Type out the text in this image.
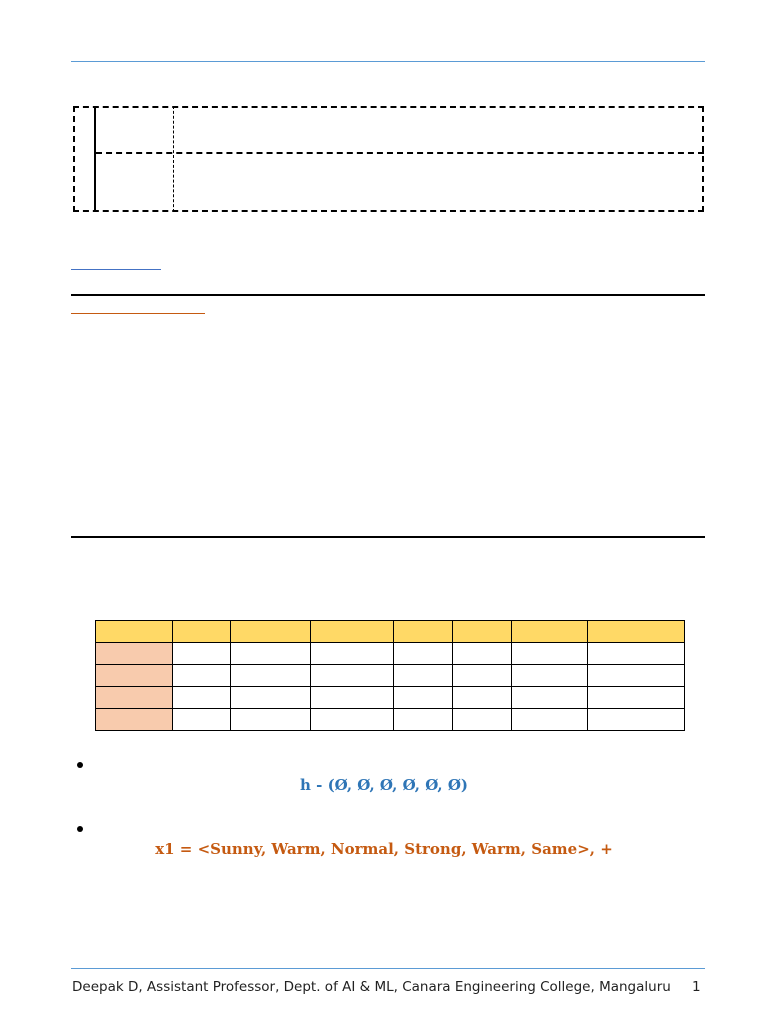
h - (Ø, Ø, Ø, Ø, Ø, Ø)
x1 = <Sunny, Warm, Normal, Strong, Warm, Same>, +
Deepak D, Assistant Professor, Dept. of AI & ML, Canara Engineering College, Mangaluru 1
